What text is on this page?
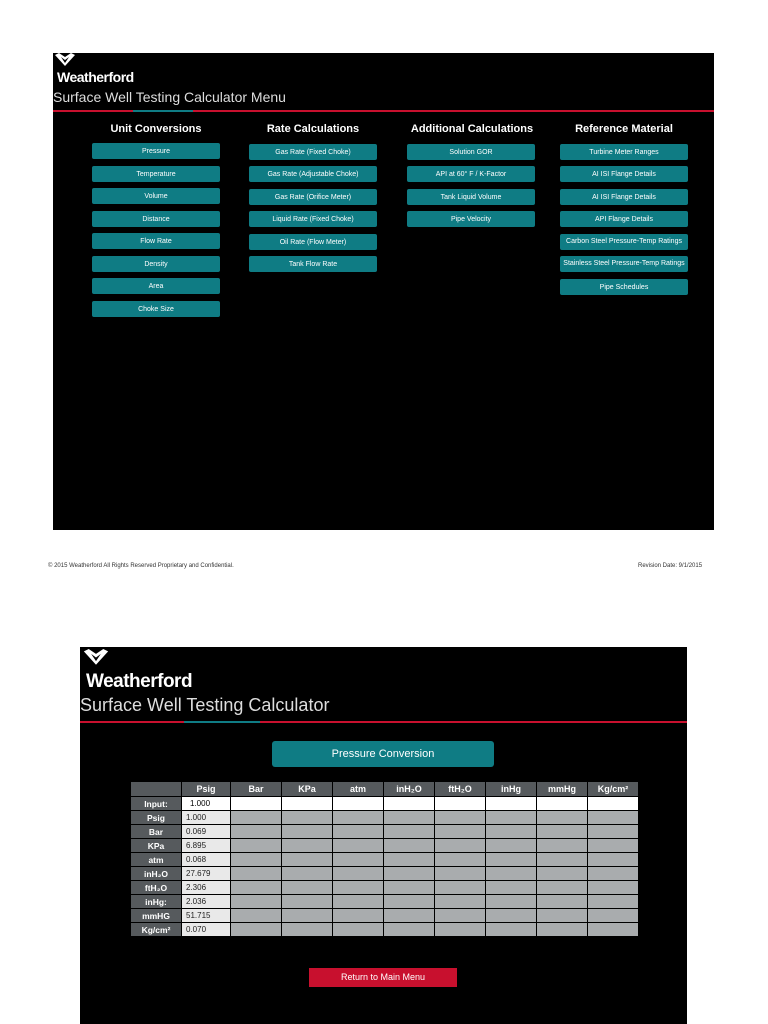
Weatherford
Surface Well Testing Calculator Menu
Unit Conversions
Pressure
Temperature
Volume
Distance
Flow Rate
Density
Area
Choke Size
Rate Calculations
Gas Rate (Fixed Choke)
Gas Rate (Adjustable Choke)
Gas Rate (Orifice Meter)
Liquid Rate (Fixed Choke)
Oil Rate (Flow Meter)
Tank Flow Rate
Additional Calculations
Solution GOR
API at 60° F / K-Factor
Tank Liquid Volume
Pipe Velocity
Reference Material
Turbine Meter Ranges
AI ISI Flange Details
AI ISI Flange Details
API Flange Details
Carbon Steel Pressure-Temp Ratings
Stainless Steel Pressure-Temp Ratings
Pipe Schedules
© 2015 Weatherford All Rights Reserved Proprietary and Confidential.	Revision Date: 9/1/2015
Weatherford
Surface Well Testing Calculator
Pressure Conversion
	Psig	Bar	KPa	atm	inH₂O	ftH₂O	inHg	mmHg	Kg/cm²
Input:	1.000								
Psig	1.000								
Bar	0.069								
KPa	6.895								
atm	0.068								
inH₂O	27.679								
ftH₂O	2.306								
inHg:	2.036								
mmHG	51.715								
Kg/cm²	0.070								
Return to Main Menu
